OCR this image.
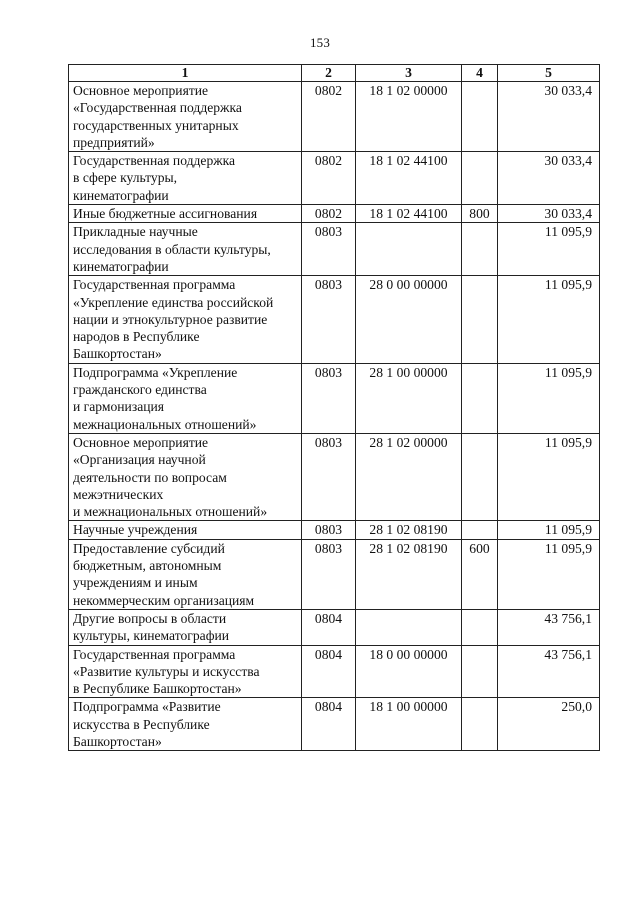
153
1	2	3	4	5

Основное мероприятие
«Государственная поддержка
государственных унитарных
предприятий»	0802	18 1 02 00000		30 033,4

Государственная поддержка
в сфере культуры,
кинематографии	0802	18 1 02 44100		30 033,4

Иные бюджетные ассигнования	0802	18 1 02 44100	800	30 033,4

Прикладные научные
исследования в области культуры,
кинематографии	0803			11 095,9

Государственная программа
«Укрепление единства российской
нации и этнокультурное развитие
народов в Республике
Башкортостан»	0803	28 0 00 00000		11 095,9

Подпрограмма «Укрепление
гражданского единства
и гармонизация
межнациональных отношений»	0803	28 1 00 00000		11 095,9

Основное мероприятие
«Организация научной
деятельности по вопросам
межэтнических
и межнациональных отношений»	0803	28 1 02 00000		11 095,9

Научные учреждения	0803	28 1 02 08190		11 095,9

Предоставление субсидий
бюджетным, автономным
учреждениям и иным
некоммерческим организациям	0803	28 1 02 08190	600	11 095,9

Другие вопросы в области
культуры, кинематографии	0804			43 756,1

Государственная программа
«Развитие культуры и искусства
в Республике Башкортостан»	0804	18 0 00 00000		43 756,1

Подпрограмма «Развитие
искусства в Республике
Башкортостан»	0804	18 1 00 00000		250,0
